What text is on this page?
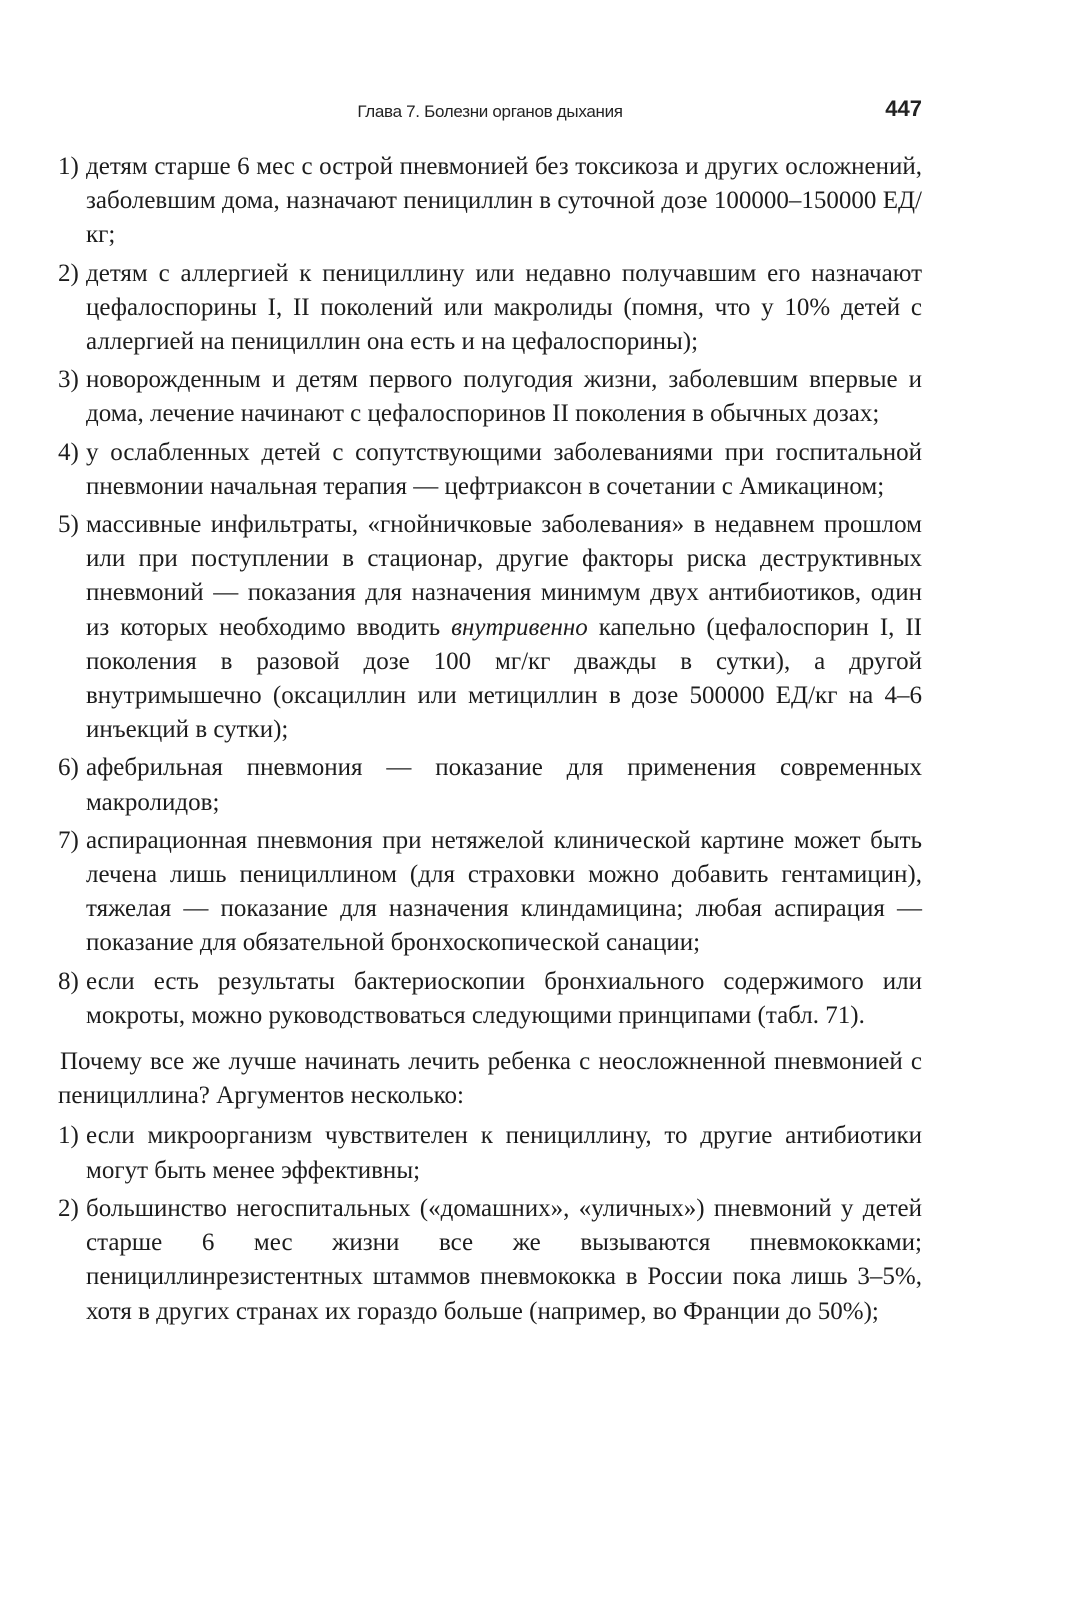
Глава 7. Болезни органов дыхания	447
1) детям старше 6 мес с острой пневмонией без токсикоза и других осложнений, заболевшим дома, назначают пенициллин в суточной дозе 100000–150000 ЕД/кг;
2) детям с аллергией к пенициллину или недавно получавшим его назначают цефалоспорины I, II поколений или макролиды (помня, что у 10% детей с аллергией на пенициллин она есть и на цефалоспорины);
3) новорожденным и детям первого полугодия жизни, заболевшим впервые и дома, лечение начинают с цефалоспоринов II поколения в обычных дозах;
4) у ослабленных детей с сопутствующими заболеваниями при госпитальной пневмонии начальная терапия — цефтриаксон в сочетании с Амикацином;
5) массивные инфильтраты, «гнойничковые заболевания» в недавнем прошлом или при поступлении в стационар, другие факторы риска деструктивных пневмоний — показания для назначения минимум двух антибиотиков, один из которых необходимо вводить внутривенно капельно (цефалоспорин I, II поколения в разовой дозе 100 мг/кг дважды в сутки), а другой внутримышечно (оксациллин или метициллин в дозе 500000 ЕД/кг на 4–6 инъекций в сутки);
6) афебрильная пневмония — показание для применения современных макролидов;
7) аспирационная пневмония при нетяжелой клинической картине может быть лечена лишь пенициллином (для страховки можно добавить гентамицин), тяжелая — показание для назначения клиндамицина; любая аспирация — показание для обязательной бронхоскопической санации;
8) если есть результаты бактериоскопии бронхиального содержимого или мокроты, можно руководствоваться следующими принципами (табл. 71).

Почему все же лучше начинать лечить ребенка с неосложненной пневмонией с пенициллина? Аргументов несколько:

1) если микроорганизм чувствителен к пенициллину, то другие антибиотики могут быть менее эффективны;
2) большинство негоспитальных («домашних», «уличных») пневмоний у детей старше 6 мес жизни все же вызываются пневмококками; пенициллинрезистентных штаммов пневмококка в России пока лишь 3–5%, хотя в других странах их гораздо больше (например, во Франции до 50%);
